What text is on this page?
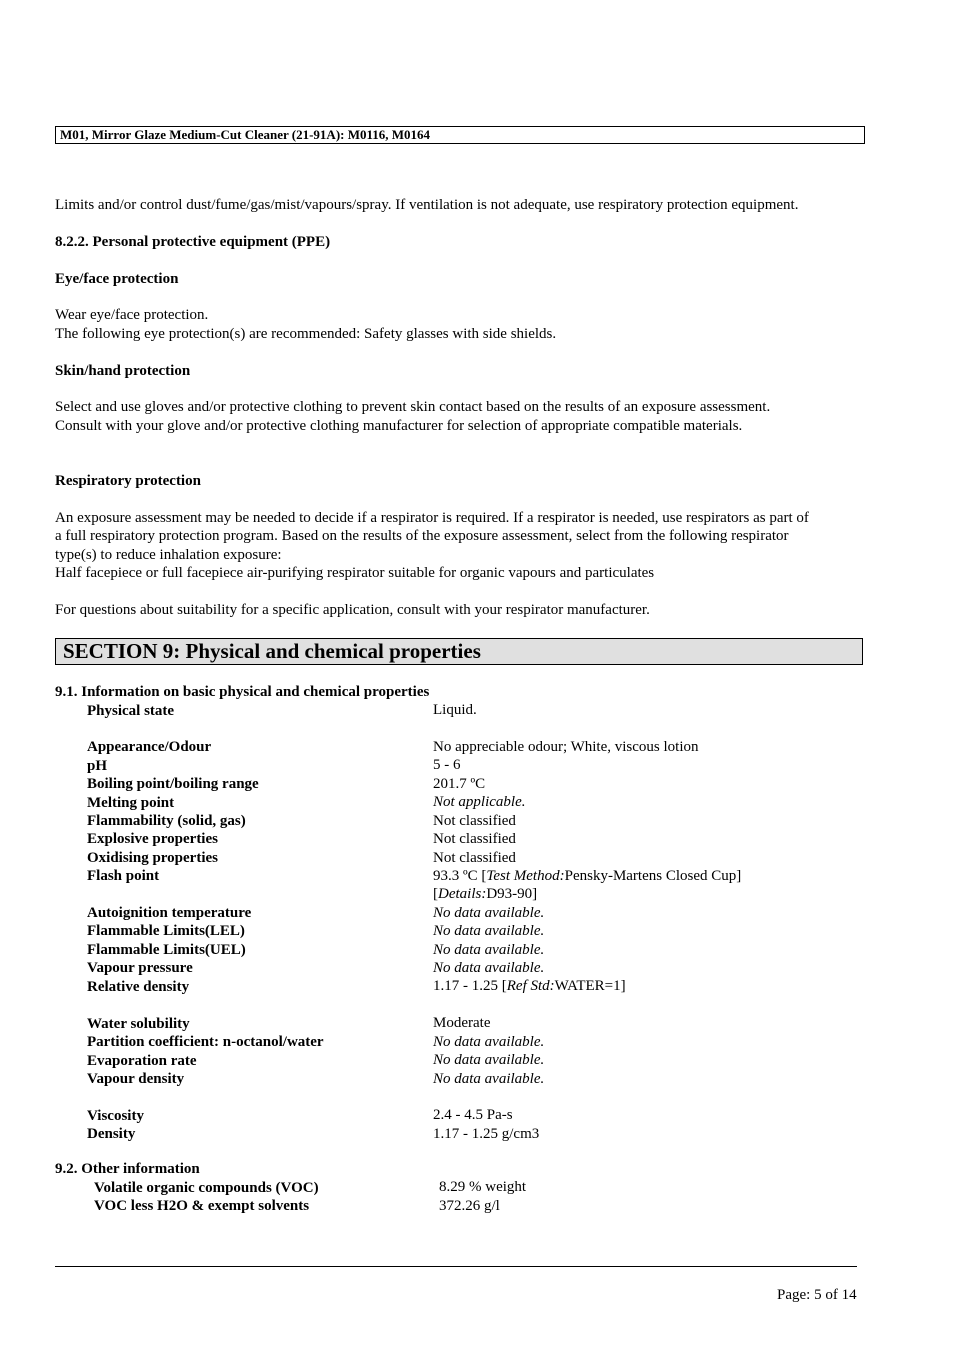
M01, Mirror Glaze Medium-Cut Cleaner (21-91A): M0116, M0164

Limits and/or control dust/fume/gas/mist/vapours/spray. If ventilation is not adequate, use respiratory protection equipment.

8.2.2. Personal protective equipment (PPE)

Eye/face protection

Wear eye/face protection.

The following eye protection(s) are recommended: Safety glasses with side shields.

Skin/hand protection

Select and use gloves and/or protective clothing to prevent skin contact based on the results of an exposure assessment.

Consult with your glove and/or protective clothing manufacturer for selection of appropriate compatible materials.

Respiratory protection

An exposure assessment may be needed to decide if a respirator is required. If a respirator is needed, use respirators as part of

a full respiratory protection program. Based on the results of the exposure assessment, select from the following respirator

type(s) to reduce inhalation exposure:

Half facepiece or full facepiece air-purifying respirator suitable for organic vapours and particulates

For questions about suitability for a specific application, consult with your respirator manufacturer.

SECTION 9: Physical and chemical properties

9.1. Information on basic physical and chemical properties

Physical state	Liquid.
Appearance/Odour	No appreciable odour; White, viscous lotion
pH	5 - 6
Boiling point/boiling range	201.7 ºC
Melting point	Not applicable.
Flammability (solid, gas)	Not classified
Explosive properties	Not classified
Oxidising properties	Not classified
Flash point	93.3 ºC [Test Method:Pensky-Martens Closed Cup]
[Details:D93-90]
Autoignition temperature	No data available.
Flammable Limits(LEL)	No data available.
Flammable Limits(UEL)	No data available.
Vapour pressure	No data available.
Relative density	1.17 - 1.25 [Ref Std:WATER=1]
Water solubility	Moderate
Partition coefficient: n-octanol/water	No data available.
Evaporation rate	No data available.
Vapour density	No data available.
Viscosity	2.4 - 4.5 Pa-s
Density	1.17 - 1.25 g/cm3

9.2. Other information

Volatile organic compounds (VOC)	8.29 % weight
VOC less H2O & exempt solvents	372.26 g/l
Page: 5 of 14
